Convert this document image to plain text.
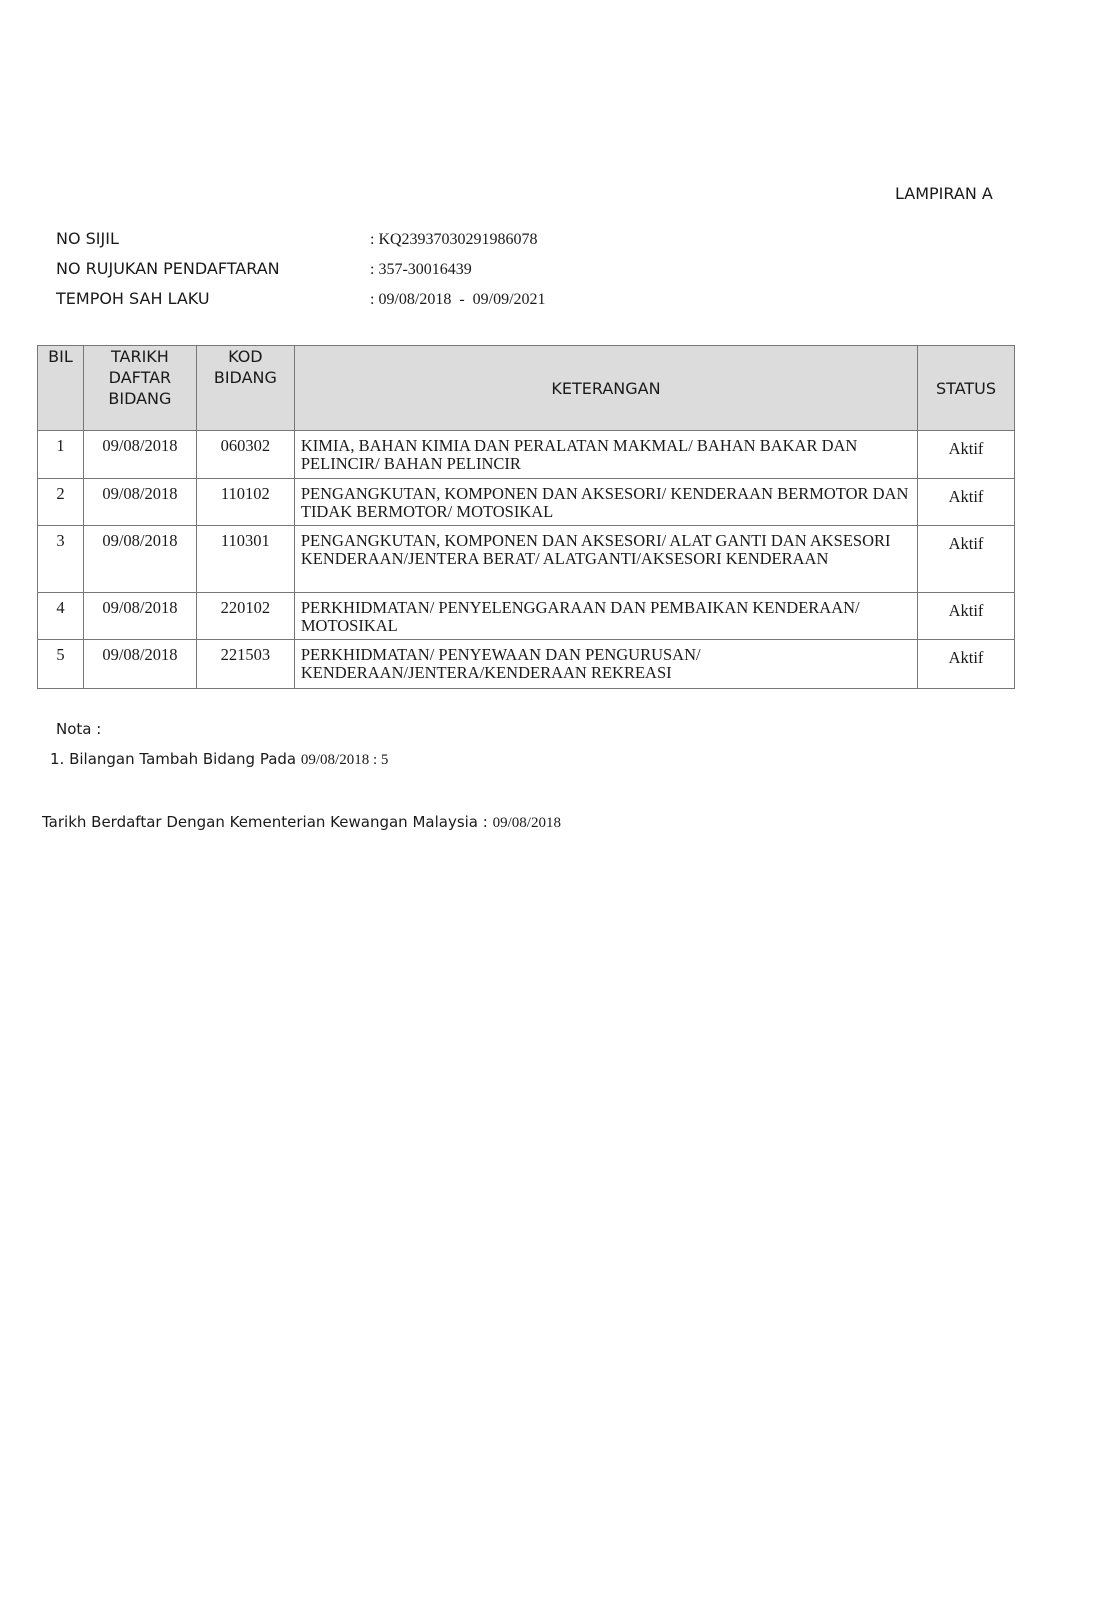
LAMPIRAN A
NO SIJIL	: KQ23937030291986078
NO RUJUKAN PENDAFTARAN	: 357-30016439
TEMPOH SAH LAKU	: 09/08/2018  -  09/09/2021
BIL	TARIKH DAFTAR BIDANG	KOD BIDANG	KETERANGAN	STATUS
1	09/08/2018	060302	KIMIA, BAHAN KIMIA DAN PERALATAN MAKMAL/ BAHAN BAKAR DAN PELINCIR/ BAHAN PELINCIR	Aktif
2	09/08/2018	110102	PENGANGKUTAN, KOMPONEN DAN AKSESORI/ KENDERAAN BERMOTOR DAN TIDAK BERMOTOR/ MOTOSIKAL	Aktif
3	09/08/2018	110301	PENGANGKUTAN, KOMPONEN DAN AKSESORI/ ALAT GANTI DAN AKSESORI KENDERAAN/JENTERA BERAT/ ALATGANTI/AKSESORI KENDERAAN	Aktif
4	09/08/2018	220102	PERKHIDMATAN/ PENYELENGGARAAN DAN PEMBAIKAN KENDERAAN/ MOTOSIKAL	Aktif
5	09/08/2018	221503	PERKHIDMATAN/ PENYEWAAN DAN PENGURUSAN/ KENDERAAN/JENTERA/KENDERAAN REKREASI	Aktif
Nota :
1. Bilangan Tambah Bidang Pada 09/08/2018 : 5
Tarikh Berdaftar Dengan Kementerian Kewangan Malaysia : 09/08/2018
